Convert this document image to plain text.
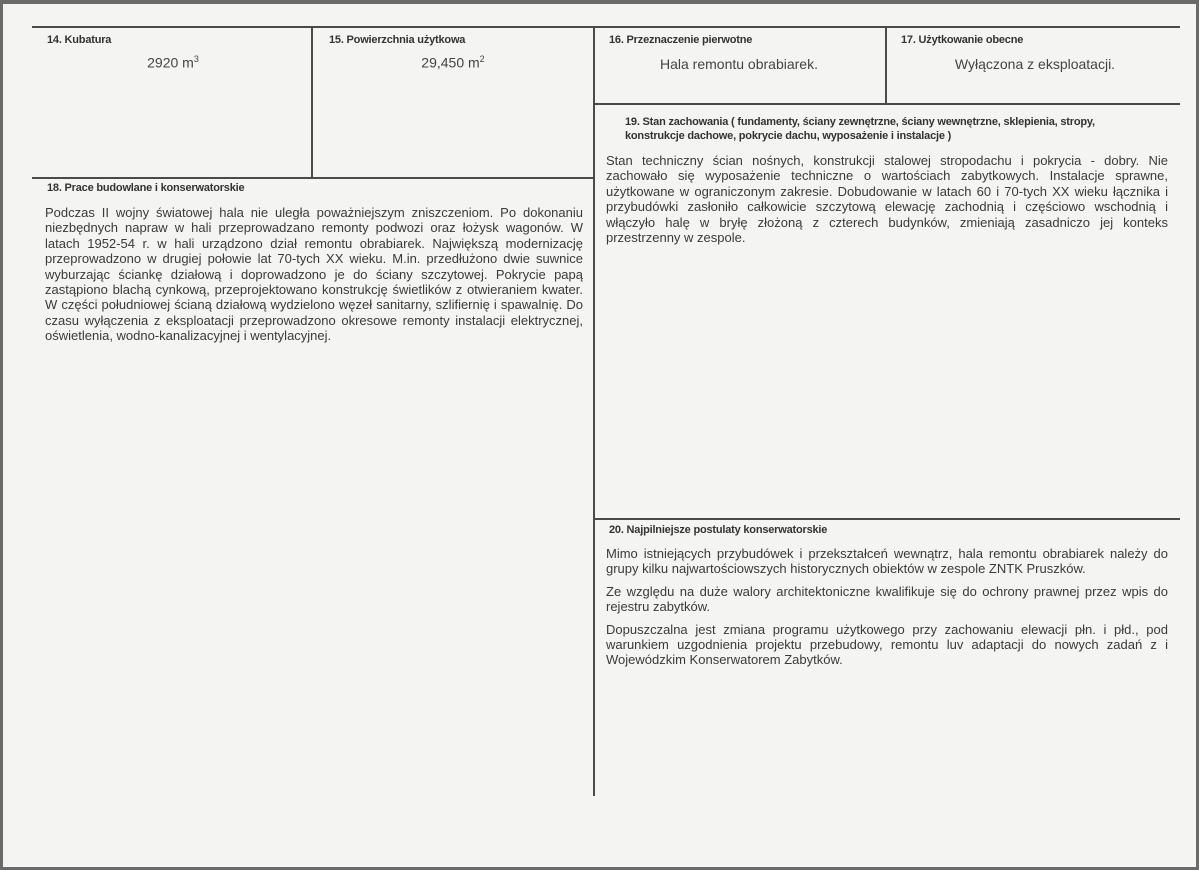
14. Kubatura
2920 $m^3$
15. Powierzchnia użytkowa
29,450 $m^2$
16. Przeznaczenie pierwotne
Hala remontu obrabiarek.
17. Użytkowanie obecne
Wyłączona z eksploatacji.
19. Stan zachowania ( fundamenty, ściany zewnętrzne, ściany wewnętrzne, sklepienia, stropy, konstrukcje dachowe, pokrycie dachu, wyposażenie i instalacje )
Stan techniczny ścian nośnych, konstrukcji stalowej stropodachu i pokrycia - dobry. Nie zachowało się wyposażenie techniczne o wartościach zabytkowych. Instalacje sprawne, użytkowane w ograniczonym zakresie. Dobudowanie w latach 60 i 70-tych XX wieku łącznika i przybudówki zasłoniło całkowicie szczytową elewację zachodnią i częściowo wschodnią i włączyło halę w bryłę złożoną z czterech budynków, zmieniają zasadniczo jej konteks przestrzenny w zespole.
18. Prace budowlane i konserwatorskie
Podczas II wojny światowej hala nie uległa poważniejszym zniszczeniom. Po dokonaniu niezbędnych napraw w hali przeprowadzano remonty podwozi oraz łożysk wagonów. W latach 1952-54 r. w hali urządzono dział remontu obrabiarek. Największą modernizację przeprowadzono w drugiej połowie lat 70-tych XX wieku. M.in. przedłużono dwie suwnice wyburzając ściankę działową i doprowadzono je do ściany szczytowej. Pokrycie papą zastąpiono blachą cynkową, przeprojektowano konstrukcję świetlików z otwieraniem kwater. W części południowej ścianą działową wydzielono węzeł sanitarny, szlifiernię i spawalnię. Do czasu wyłączenia z eksploatacji przeprowadzono okresowe remonty instalacji elektrycznej, oświetlenia, wodno-kanalizacyjnej i wentylacyjnej.
20. Najpilniejsze postulaty konserwatorskie

Mimo istniejących przybudówek i przekształceń wewnątrz, hala remontu obrabiarek należy do grupy kilku najwartościowszych historycznych obiektów w zespole ZNTK Pruszków.

Ze względu na duże walory architektoniczne kwalifikuje się do ochrony prawnej przez wpis do rejestru zabytków.

Dopuszczalna jest zmiana programu użytkowego przy zachowaniu elewacji płn. i płd., pod warunkiem uzgodnienia projektu przebudowy, remontu luv adaptacji do nowych zadań z i Wojewódzkim Konserwatorem Zabytków.
